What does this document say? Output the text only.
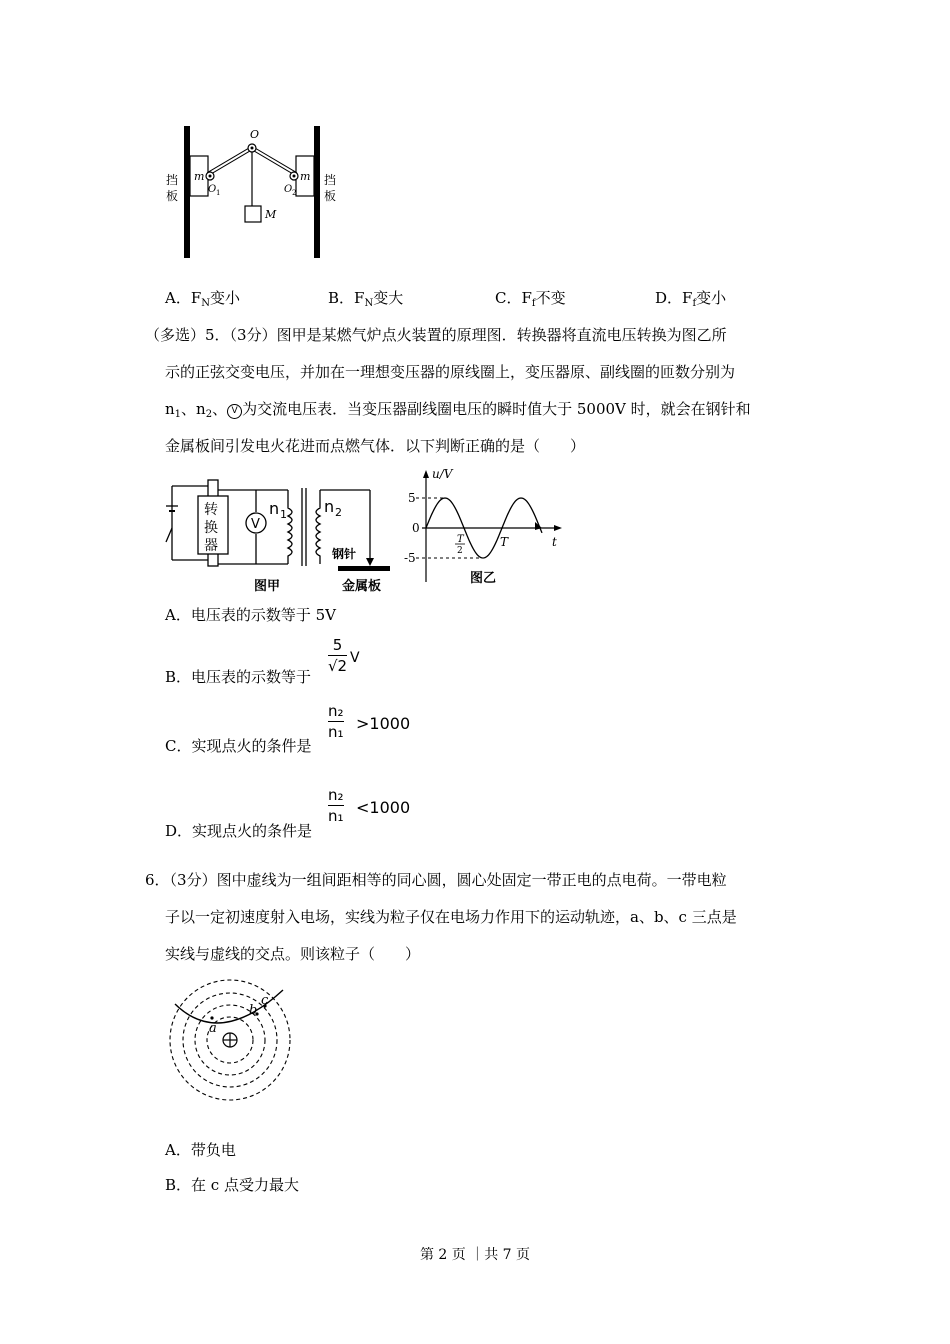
O
m	m
O 1	O 2
M
挡
板
挡
板
A．$F_N$变小	B．$F_N$变大	C．$F_f$不变	D．$F_f$变小
（多选）5．（3分）图甲是某燃气炉点火装置的原理图．转换器将直流电压转换为图乙所
示的正弦交变电压，并加在一理想变压器的原线圈上，变压器原、副线圈的匝数分别为
$n_1$、$n_2$、 V 为交流电压表．当变压器副线圈电压的瞬时值大于 5000V 时，就会在钢针和
金属板间引发电火花进而点燃气体．以下判断正确的是（　　）
转
换
器
V
n 1 n 2
钢针
金属板
图甲
u/V
5
0
-5
T
2
T	t
图乙
A．电压表的示数等于 5V
B．电压表的示数等于
5
√2 V
C．实现点火的条件是
n₂
n₁ >1000
D．实现点火的条件是
n₂
n₁ <1000
6．（3分）图中虚线为一组间距相等的同心圆，圆心处固定一带正电的点电荷。一带电粒
子以一定初速度射入电场，实线为粒子仅在电场力作用下的运动轨迹，a、b、c 三点是
实线与虚线的交点。则该粒子（　　）
a
b
c
A．带负电
B．在 c 点受力最大
第 2 页 ｜共 7 页
